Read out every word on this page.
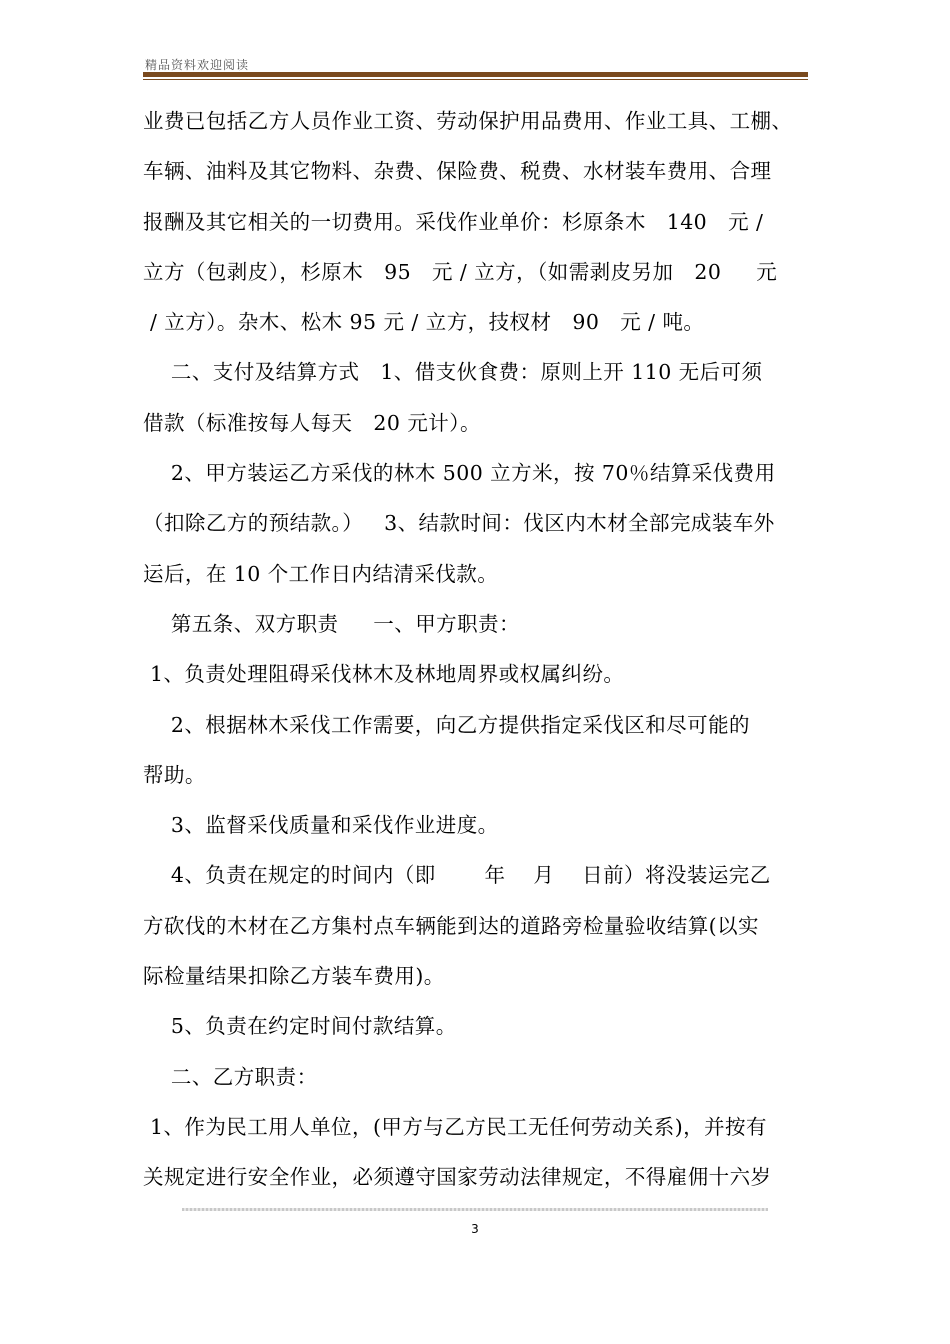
精品资料欢迎阅读
业费已包括乙方人员作业工资、劳动保护用品费用、作业工具、工棚、
车辆、油料及其它物料、杂费、保险费、税费、水材装车费用、合理
报酬及其它相关的一切费用。采伐作业单价：杉原条木   140   元 /
立方（包剥皮），杉原木   95   元 / 立方，（如需剥皮另加   20     元
/ 立方）。杂木、松木 95 元 / 立方，技杈材   90   元 / 吨。
二、支付及结算方式   1、借支伙食费：原则上开 110 无后可须
借款（标准按每人每天   20 元计）。
2、甲方装运乙方采伐的林木 500 立方米，按 70％结算采伐费用
（扣除乙方的预结款。）   3、结款时间：伐区内木材全部完成装车外
运后，在 10 个工作日内结清采伐款。
第五条、双方职责     一、甲方职责：
1、负责处理阻碍采伐林木及林地周界或权属纠纷。
2、根据林木采伐工作需要，向乙方提供指定采伐区和尽可能的
帮助。
3、监督采伐质量和采伐作业进度。
4、负责在规定的时间内（即       年    月    日前）将没装运完乙
方砍伐的木材在乙方集村点车辆能到达的道路旁检量验收结算(以实
际检量结果扣除乙方装车费用)。
5、负责在约定时间付款结算。
二、乙方职责：
1、作为民工用人单位，(甲方与乙方民工无任何劳动关系)，并按有
关规定进行安全作业，必须遵守国家劳动法律规定，不得雇佣十六岁
3
